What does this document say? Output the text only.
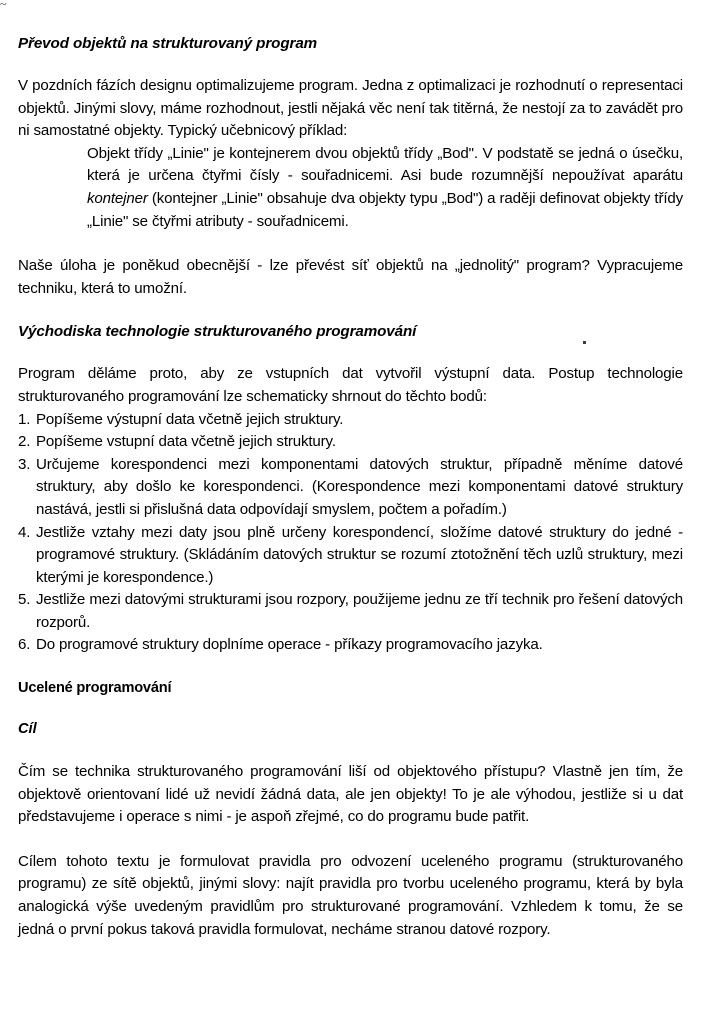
Převod objektů na strukturovaný program

V pozdních fázích designu optimalizujeme program. Jedna z optimalizaci je rozhodnutí o representaci objektů. Jinými slovy, máme rozhodnout, jestli nějaká věc není tak titěrná, že nestojí za to zavádět pro ni samostatné objekty. Typický učebnicový příklad:

Objekt třídy „Linie" je kontejnerem dvou objektů třídy „Bod". V podstatě se jedná o úsečku, která je určena čtyřmi čísly - souřadnicemi. Asi bude rozumnější nepoužívat aparátu kontejner (kontejner „Linie" obsahuje dva objekty typu „Bod") a raději definovat objekty třídy „Linie" se čtyřmi atributy - souřadnicemi.

Naše úloha je poněkud obecnější - lze převést síť objektů na „jednolitý" program? Vypracujeme techniku, která to umožní.

Východiska technologie strukturovaného programování

Program děláme proto, aby ze vstupních dat vytvořil výstupní data. Postup technologie strukturovaného programování lze schematicky shrnout do těchto bodů:

1. Popíšeme výstupní data včetně jejich struktury.
2. Popíšeme vstupní data včetně jejich struktury.
3. Určujeme korespondenci mezi komponentami datových struktur, případně měníme datové struktury, aby došlo ke korespondenci. (Korespondence mezi komponentami datové struktury nastává, jestli si přislušná data odpovídají smyslem, počtem a pořadím.)
4. Jestliže vztahy mezi daty jsou plně určeny korespondencí, složíme datové struktury do jedné - programové struktury. (Skládáním datových struktur se rozumí ztotožnění těch uzlů struktury, mezi kterými je korespondence.)
5. Jestliže mezi datovými strukturami jsou rozpory, použijeme jednu ze tří technik pro řešení datových rozporů.
6. Do programové struktury doplníme operace - příkazy programovacího jazyka.
Ucelené programování
Cíl

Čím se technika strukturovaného programování liší od objektového přístupu? Vlastně jen tím, že objektově orientovaní lidé už nevidí žádná data, ale jen objekty! To je ale výhodou, jestliže si u dat představujeme i operace s nimi - je aspoň zřejmé, co do programu bude patřit.

Cílem tohoto textu je formulovat pravidla pro odvození uceleného programu (strukturovaného programu) ze sítě objektů, jinými slovy: najít pravidla pro tvorbu uceleného programu, která by byla analogická výše uvedeným pravidlům pro strukturované programování. Vzhledem k tomu, že se jedná o první pokus taková pravidla formulovat, necháme stranou datové rozpory.

~
